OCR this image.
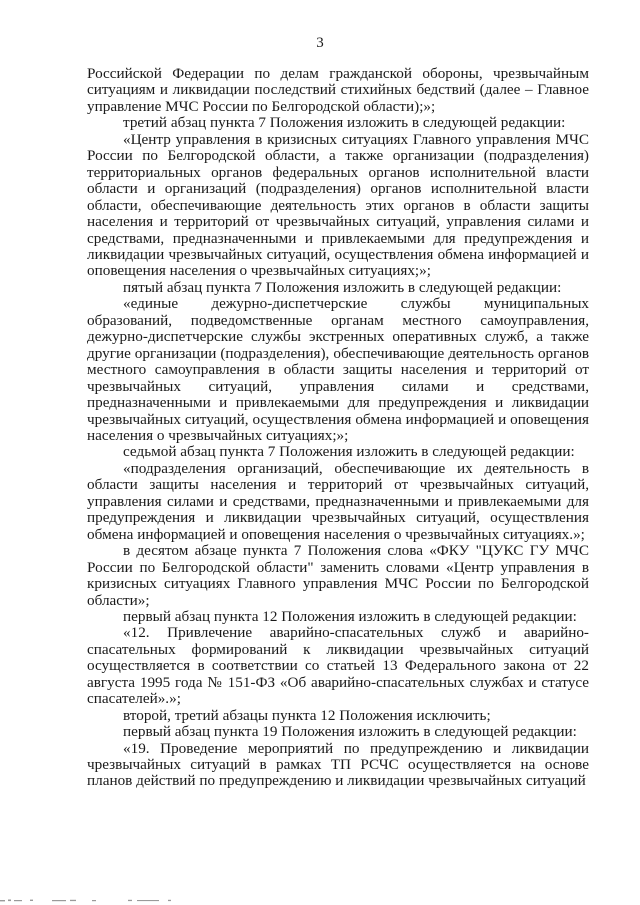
3

Российской Федерации по делам гражданской обороны, чрезвычайным ситуациям и ликвидации последствий стихийных бедствий (далее – Главное управление МЧС России по Белгородской области);»;

третий абзац пункта 7 Положения изложить в следующей редакции:

«Центр управления в кризисных ситуациях Главного управления МЧС России по Белгородской области, а также организации (подразделения) территориальных органов федеральных органов исполнительной власти области и организаций (подразделения) органов исполнительной власти области, обеспечивающие деятельность этих органов в области защиты населения и территорий от чрезвычайных ситуаций, управления силами и средствами, предназначенными и привлекаемыми для предупреждения и ликвидации чрезвычайных ситуаций, осуществления обмена информацией и оповещения населения о чрезвычайных ситуациях;»;

пятый абзац пункта 7 Положения изложить в следующей редакции:

«единые дежурно-диспетчерские службы муниципальных образований, подведомственные органам местного самоуправления, дежурно-диспетчерские службы экстренных оперативных служб, а также другие организации (подразделения), обеспечивающие деятельность органов местного самоуправления в области защиты населения и территорий от чрезвычайных ситуаций, управления силами и средствами, предназначенными и привлекаемыми для предупреждения и ликвидации чрезвычайных ситуаций, осуществления обмена информацией и оповещения населения о чрезвычайных ситуациях;»;

седьмой абзац пункта 7 Положения изложить в следующей редакции:

«подразделения организаций, обеспечивающие их деятельность в области защиты населения и территорий от чрезвычайных ситуаций, управления силами и средствами, предназначенными и привлекаемыми для предупреждения и ликвидации чрезвычайных ситуаций, осуществления обмена информацией и оповещения населения о чрезвычайных ситуациях.»;

в десятом абзаце пункта 7 Положения слова «ФКУ "ЦУКС ГУ МЧС России по Белгородской области" заменить словами «Центр управления в кризисных ситуациях Главного управления МЧС России по Белгородской области»;

первый абзац пункта 12 Положения изложить в следующей редакции:

«12. Привлечение аварийно-спасательных служб и аварийно-спасательных формирований к ликвидации чрезвычайных ситуаций осуществляется в соответствии со статьей 13 Федерального закона от 22 августа 1995 года № 151-ФЗ «Об аварийно-спасательных службах и статусе спасателей».»;

второй, третий абзацы пункта 12 Положения исключить;

первый абзац пункта 19 Положения изложить в следующей редакции:

«19. Проведение мероприятий по предупреждению и ликвидации чрезвычайных ситуаций в рамках ТП РСЧС осуществляется на основе планов действий по предупреждению и ликвидации чрезвычайных ситуаций
